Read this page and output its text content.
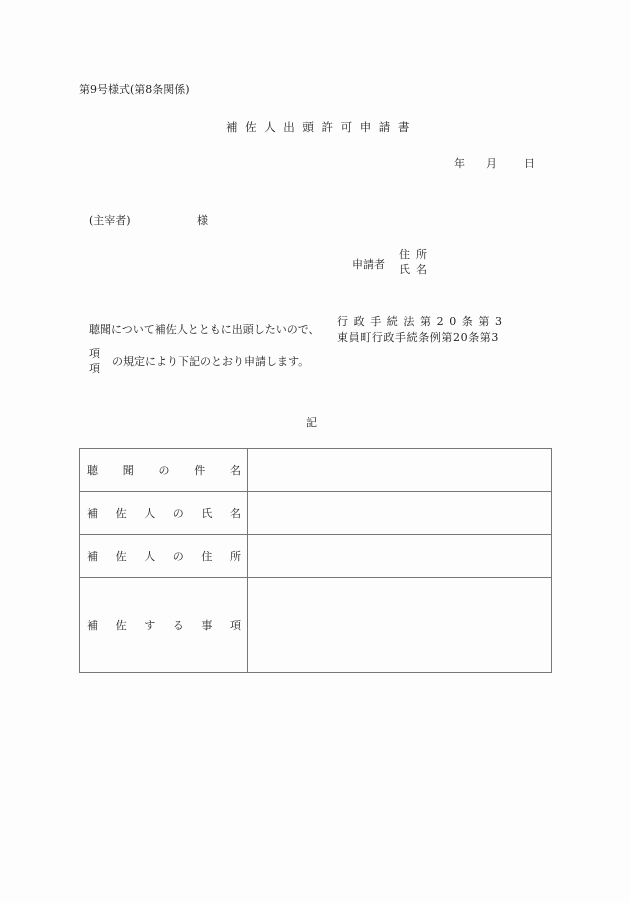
第9号様式(第8条関係)
補佐人出頭許可申請書
年 月 日
(主宰者)	様
申請者
住所
氏名
聴聞について補佐人とともに出頭したいので、
行政手続法第20条第3
東員町行政手続条例第20条第3
項
項
の規定により下記のとおり申請します。
記
聴 聞 の 件 名	

補 佐 人 の 氏 名

補 佐 人 の 住 所

補 佐 す る 事 項
